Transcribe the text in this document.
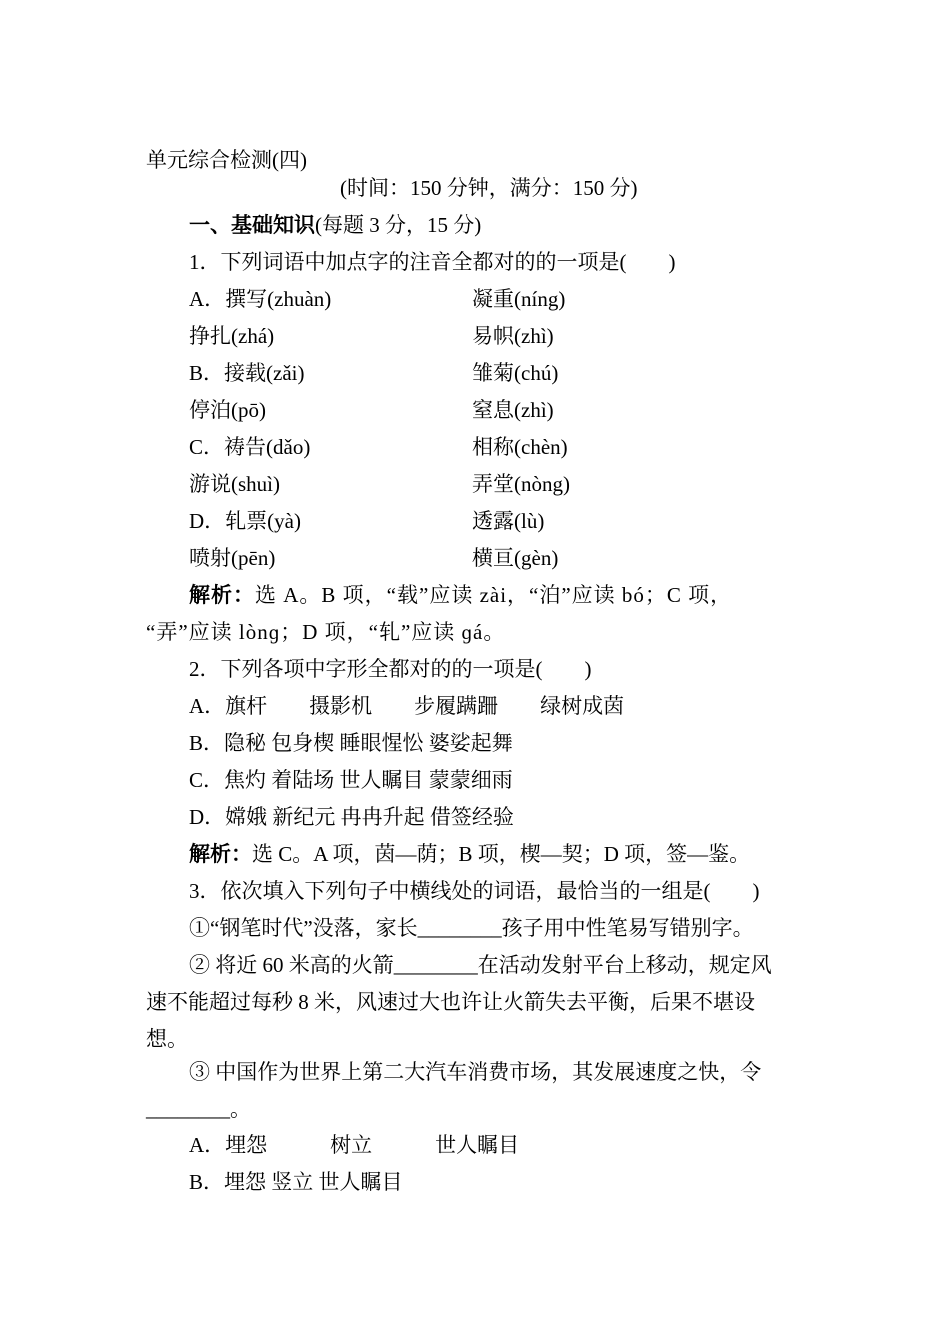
单元综合检测(四)
(时间：150 分钟，满分：150 分)
一、基础知识(每题 3 分，15 分)
1．下列词语中加点字的注音全都对的的一项是(　　)
A．撰写(zhuàn)	凝重(níng)
挣扎(zhá)	易帜(zhì)
B．接载(zǎi)	雏菊(chú)
停泊(pō)	窒息(zhì)
C．祷告(dǎo)	相称(chèn)
游说(shuì)	弄堂(nòng)
D．轧票(yà)	透露(lù)
喷射(pēn)	横亘(gèn)
解析：选 A。B 项，“载”应读 zài，“泊”应读 bó；C 项，
“弄”应读 lònɡ；D 项，“轧”应读 ɡá。
2．下列各项中字形全都对的的一项是(　　)
A．旗杆　　摄影机　　步履蹒跚　　绿树成茵
B．隐秘 包身楔 睡眼惺忪 婆娑起舞
C．焦灼 着陆场 世人瞩目 蒙蒙细雨
D．嫦娥 新纪元 冉冉升起 借签经验
解析：选 C。A 项，茵—荫；B 项，楔—契；D 项，签—鉴。
3．依次填入下列句子中横线处的词语，最恰当的一组是(　　)
①“钢笔时代”没落，家长________孩子用中性笔易写错别字。
② 将近 60 米高的火箭________在活动发射平台上移动，规定风
速不能超过每秒 8 米，风速过大也许让火箭失去平衡，后果不堪设
想。
③ 中国作为世界上第二大汽车消费市场，其发展速度之快，令
________。
A．埋怨　　　树立　　　世人瞩目
B．埋怨 竖立 世人瞩目
